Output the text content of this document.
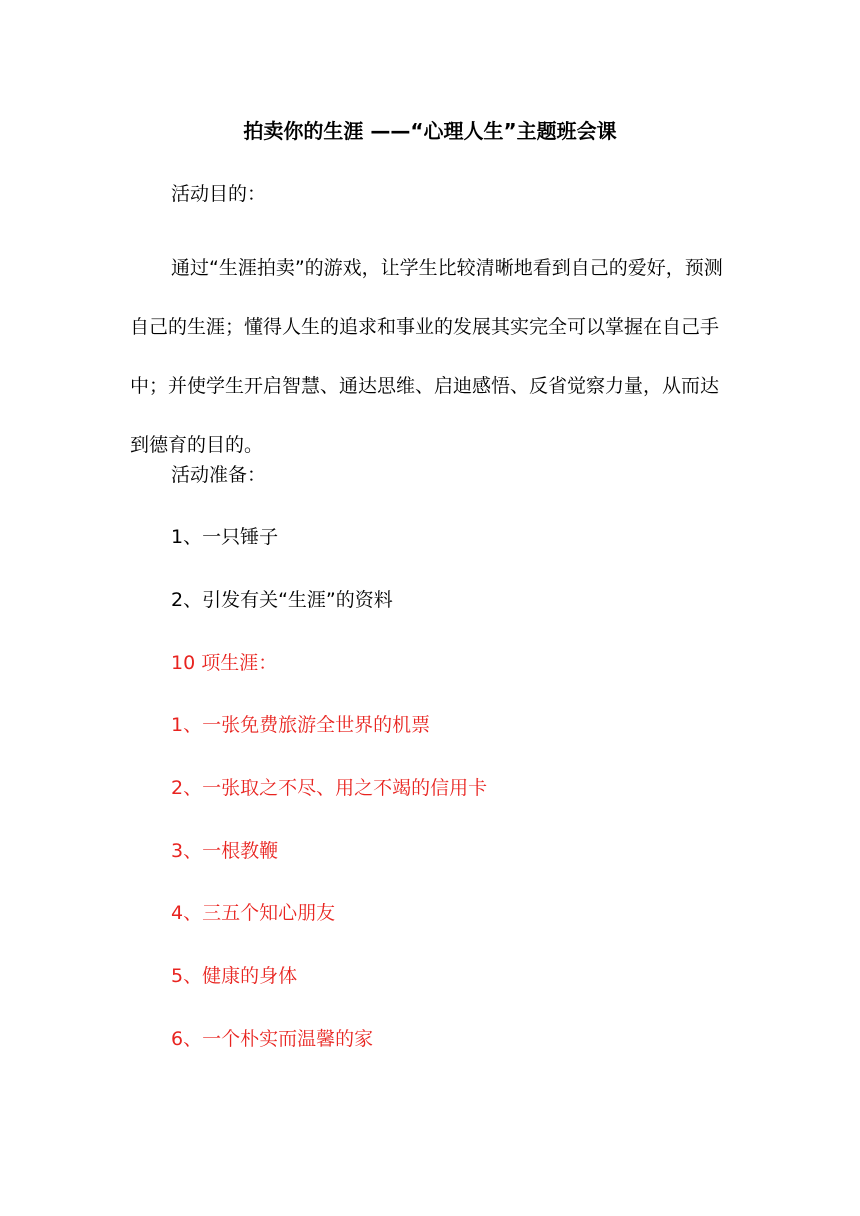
拍卖你的生涯 ——“心理人生”主题班会课
活动目的：
通过“生涯拍卖”的游戏，让学生比较清晰地看到自己的爱好，预测自己的生涯；懂得人生的追求和事业的发展其实完全可以掌握在自己手中；并使学生开启智慧、通达思维、启迪感悟、反省觉察力量，从而达到德育的目的。
活动准备：
1、一只锤子
2、引发有关“生涯”的资料
10 项生涯：
1、一张免费旅游全世界的机票
2、一张取之不尽、用之不竭的信用卡
3、一根教鞭
4、三五个知心朋友
5、健康的身体
6、一个朴实而温馨的家
